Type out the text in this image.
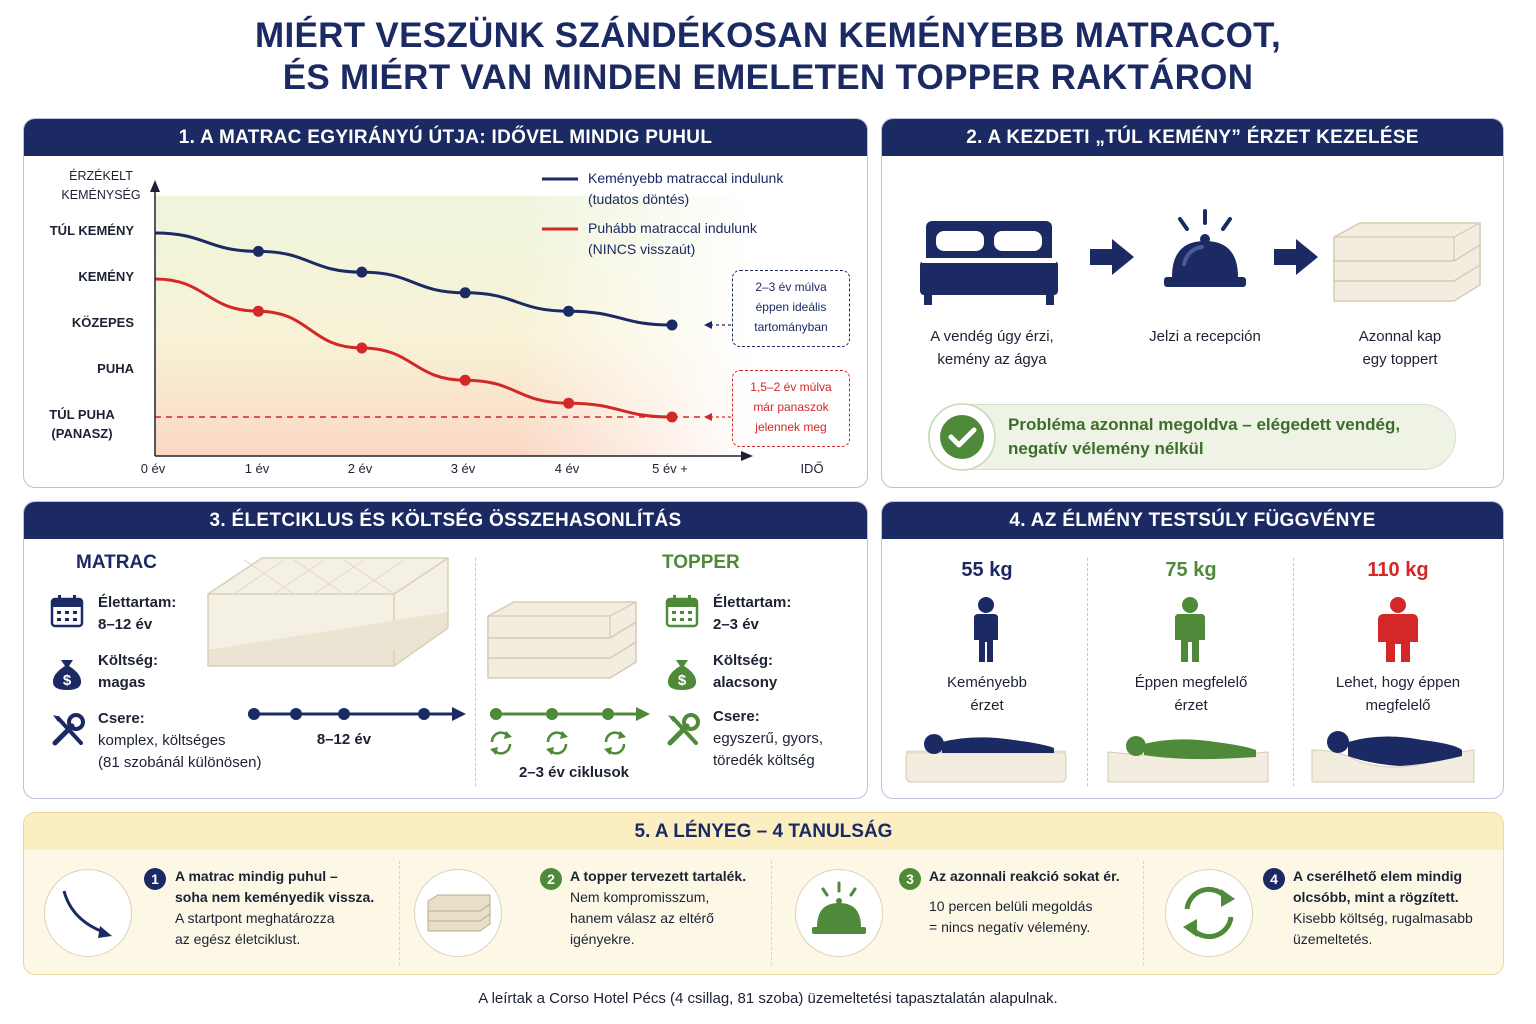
MIÉRT VESZÜNK SZÁNDÉKOSAN KEMÉNYEBB MATRACOT,
ÉS MIÉRT VAN MINDEN EMELETEN TOPPER RAKTÁRON
1. A MATRAC EGYIRÁNYÚ ÚTJA: IDŐVEL MINDIG PUHUL
ÉRZÉKELT
KEMÉNYSÉG
TÚL KEMÉNY
KEMÉNY
KÖZEPES
PUHA
TÚL PUHA
(PANASZ)
0 év	1 év	2 év	3 év	4 év	5 év +	IDŐ
Keményebb matraccal indulunk
(tudatos döntés)
Puhább matraccal indulunk
(NINCS visszaút)
2–3 év múlva
éppen ideális
tartományban
1,5–2 év múlva
már panaszok
jelennek meg
2. A KEZDETI „TÚL KEMÉNY” ÉRZET KEZELÉSE
A vendég úgy érzi,
kemény az ágya
Jelzi a recepción	Azonnal kap
egy toppert
Probléma azonnal megoldva – elégedett vendég,
negatív vélemény nélkül
3. ÉLETCIKLUS ÉS KÖLTSÉG ÖSSZEHASONLÍTÁS
MATRAC
Élettartam:
8–12 év
$
Költség:
magas
Csere:
komplex, költséges
(81 szobánál különösen)
8–12 év
TOPPER
Élettartam:
2–3 év
$
Költség:
alacsony
Csere:
egyszerű, gyors,
töredék költség
2–3 év ciklusok
4. AZ ÉLMÉNY TESTSÚLY FÜGGVÉNYE
55 kg	75 kg	110 kg
Keményebb
érzet
Éppen megfelelő
érzet
Lehet, hogy éppen
megfelelő
5. A LÉNYEG – 4 TANULSÁG
1	A matrac mindig puhul –
soha nem keményedik vissza.
A startpont meghatározza
az egész életciklust.
2	A topper tervezett tartalék.
Nem kompromisszum,
hanem válasz az eltérő
igényekre.
3	Az azonnali reakció sokat ér.
10 percen belüli megoldás
= nincs negatív vélemény.
4	A cserélhető elem mindig
olcsóbb, mint a rögzített.
Kisebb költség, rugalmasabb
üzemeltetés.
A leírtak a Corso Hotel Pécs (4 csillag, 81 szoba) üzemeltetési tapasztalatán alapulnak.
